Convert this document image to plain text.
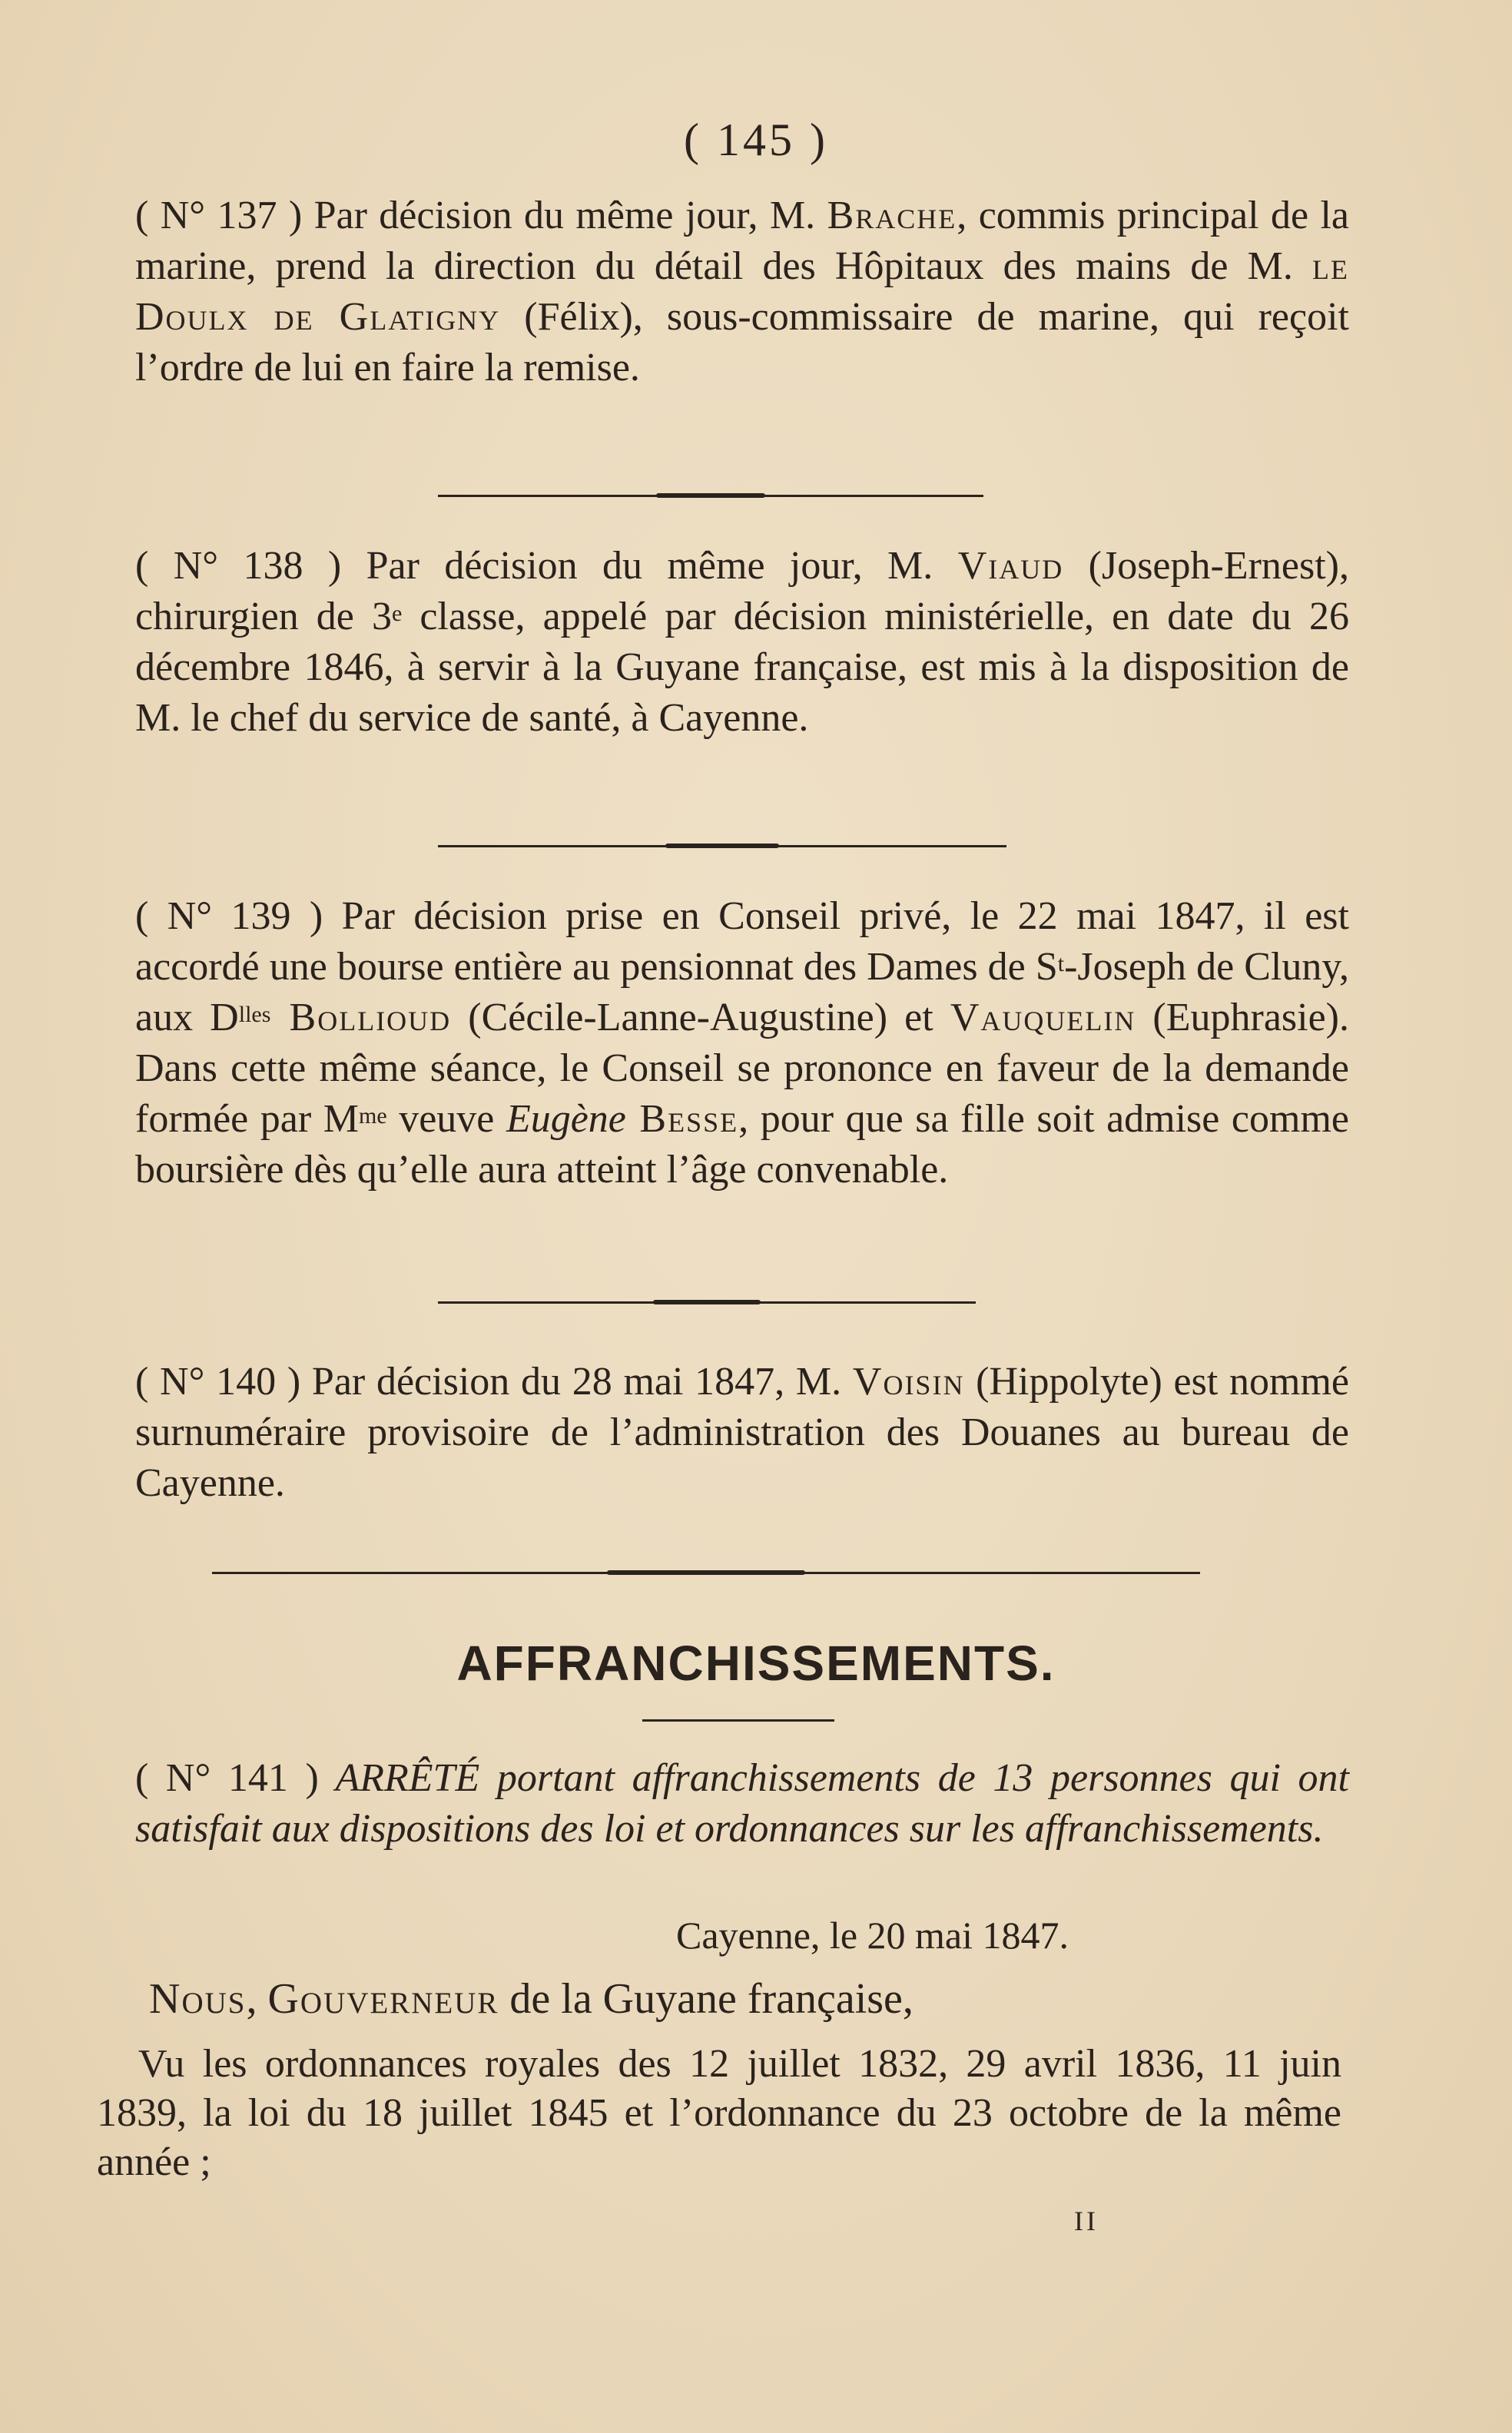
( 145 )

( N° 137 ) Par décision du même jour, M. Brache, commis principal de la marine, prend la direction du détail des Hôpitaux des mains de M. le Doulx de Glatigny (Félix), sous-commissaire de marine, qui reçoit l’ordre de lui en faire la remise.

( N° 138 ) Par décision du même jour, M. Viaud (Joseph-Ernest), chirurgien de 3e classe, appelé par décision ministérielle, en date du 26 décembre 1846, à servir à la Guyane française, est mis à la disposition de M. le chef du service de santé, à Cayenne.

( N° 139 ) Par décision prise en Conseil privé, le 22 mai 1847, il est accordé une bourse entière au pensionnat des Dames de $S^t$-Joseph de Cluny, aux $D^{lles}$ Bollioud (Cécile-Lanne-Augustine) et Vauquelin (Euphrasie). Dans cette même séance, le Conseil se prononce en faveur de la demande formée par $M^{me}$ veuve Eugène Besse, pour que sa fille soit admise comme boursière dès qu’elle aura atteint l’âge convenable.

( N° 140 ) Par décision du 28 mai 1847, M. Voisin (Hippolyte) est nommé surnuméraire provisoire de l’administration des Douanes au bureau de Cayenne.

AFFRANCHISSEMENTS.

( N° 141 ) ARRÊTÉ portant affranchissements de 13 personnes qui ont satisfait aux dispositions des loi et ordonnances sur les affranchissements.

Cayenne, le 20 mai 1847.
Nous, Gouverneur de la Guyane française,
Vu les ordonnances royales des 12 juillet 1832, 29 avril 1836, 11 juin 1839, la loi du 18 juillet 1845 et l’ordonnance du 23 octobre de la même année ;
II
